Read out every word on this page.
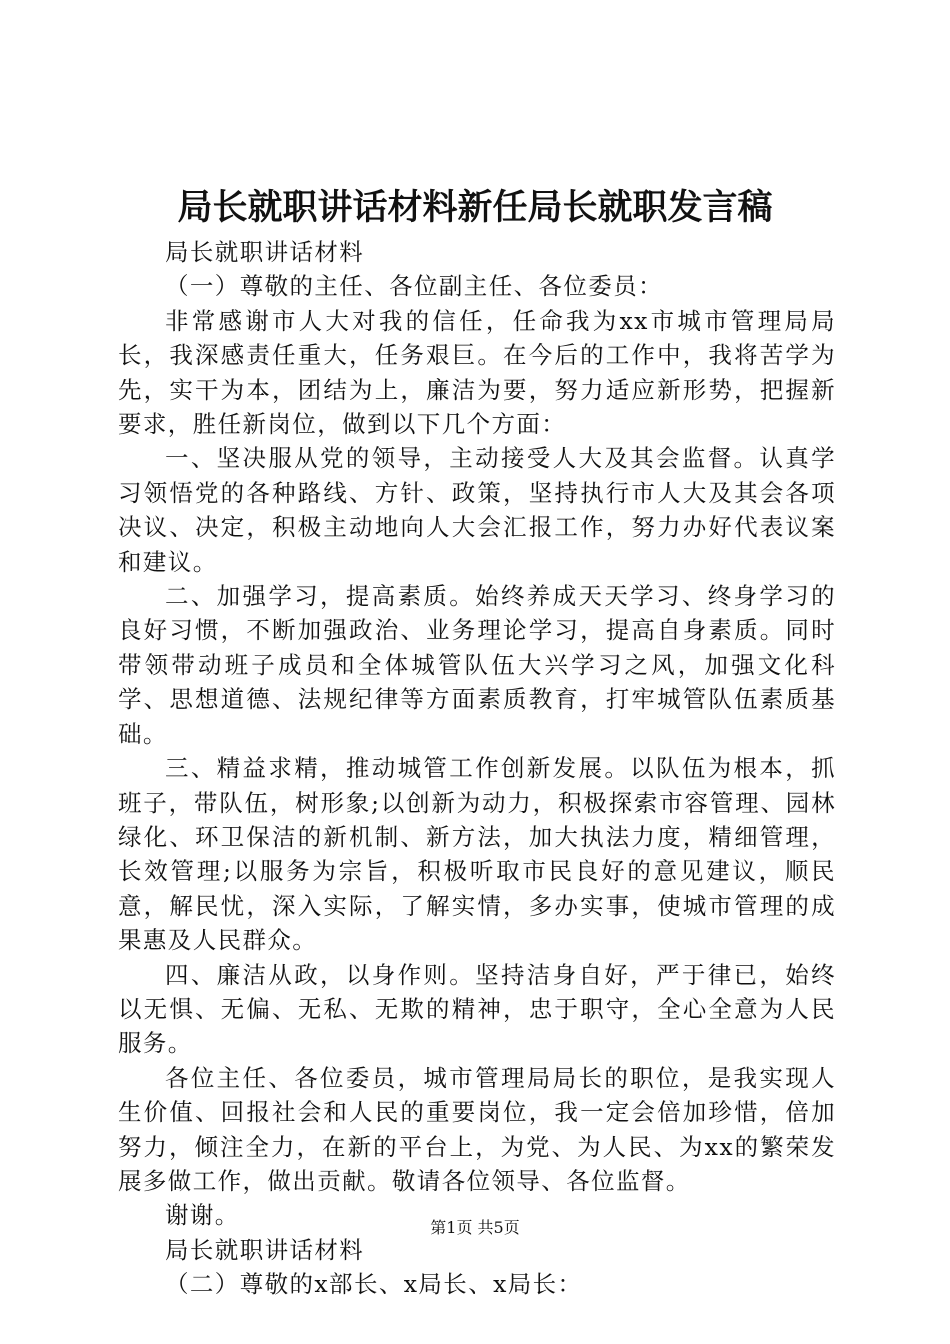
局长就职讲话材料新任局长就职发言稿

局长就职讲话材料

（一）尊敬的主任、各位副主任、各位委员：

非常感谢市人大对我的信任，任命我为xx市城市管理局局长，我深感责任重大，任务艰巨。在今后的工作中，我将苦学为先，实干为本，团结为上，廉洁为要，努力适应新形势，把握新要求，胜任新岗位，做到以下几个方面：

一、坚决服从党的领导，主动接受人大及其会监督。认真学习领悟党的各种路线、方针、政策，坚持执行市人大及其会各项决议、决定，积极主动地向人大会汇报工作，努力办好代表议案和建议。

二、加强学习，提高素质。始终养成天天学习、终身学习的良好习惯，不断加强政治、业务理论学习，提高自身素质。同时带领带动班子成员和全体城管队伍大兴学习之风，加强文化科学、思想道德、法规纪律等方面素质教育，打牢城管队伍素质基础。

三、精益求精，推动城管工作创新发展。以队伍为根本，抓班子，带队伍，树形象;以创新为动力，积极探索市容管理、园林绿化、环卫保洁的新机制、新方法，加大执法力度，精细管理，长效管理;以服务为宗旨，积极听取市民良好的意见建议，顺民意，解民忧，深入实际，了解实情，多办实事，使城市管理的成果惠及人民群众。

四、廉洁从政，以身作则。坚持洁身自好，严于律已，始终以无惧、无偏、无私、无欺的精神，忠于职守，全心全意为人民服务。

各位主任、各位委员，城市管理局局长的职位，是我实现人生价值、回报社会和人民的重要岗位，我一定会倍加珍惜，倍加努力，倾注全力，在新的平台上，为党、为人民、为xx的繁荣发展多做工作，做出贡献。敬请各位领导、各位监督。

谢谢。

局长就职讲话材料

（二）尊敬的x部长、x局长、x局长：

第1页 共5页
